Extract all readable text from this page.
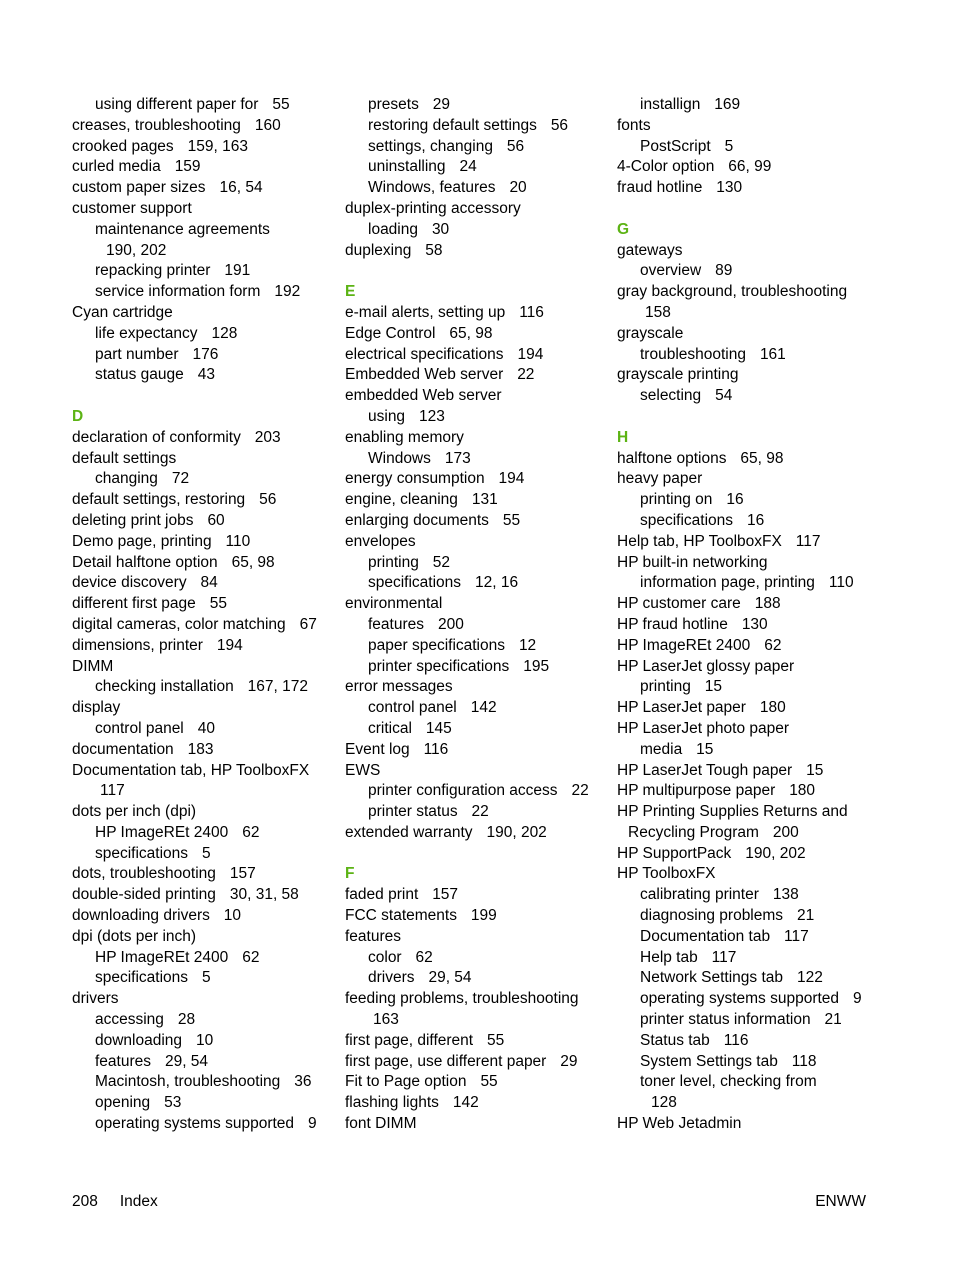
using different paper for 55
creases, troubleshooting 160
crooked pages 159, 163
curled media 159
custom paper sizes 16, 54
customer support
maintenance agreements
190, 202
repacking printer 191
service information form 192
Cyan cartridge
life expectancy 128
part number 176
status gauge 43
D
declaration of conformity 203
default settings
changing 72
default settings, restoring 56
deleting print jobs 60
Demo page, printing 110
Detail halftone option 65, 98
device discovery 84
different first page 55
digital cameras, color matching 67
dimensions, printer 194
DIMM
checking installation 167, 172
display
control panel 40
documentation 183
Documentation tab, HP ToolboxFX
117
dots per inch (dpi)
HP ImageREt 2400 62
specifications 5
dots, troubleshooting 157
double-sided printing 30, 31, 58
downloading drivers 10
dpi (dots per inch)
HP ImageREt 2400 62
specifications 5
drivers
accessing 28
downloading 10
features 29, 54
Macintosh, troubleshooting 36
opening 53
operating systems supported 9
presets 29
restoring default settings 56
settings, changing 56
uninstalling 24
Windows, features 20
duplex-printing accessory
loading 30
duplexing 58
E
e-mail alerts, setting up 116
Edge Control 65, 98
electrical specifications 194
Embedded Web server 22
embedded Web server
using 123
enabling memory
Windows 173
energy consumption 194
engine, cleaning 131
enlarging documents 55
envelopes
printing 52
specifications 12, 16
environmental
features 200
paper specifications 12
printer specifications 195
error messages
control panel 142
critical 145
Event log 116
EWS
printer configuration access 22
printer status 22
extended warranty 190, 202
F
faded print 157
FCC statements 199
features
color 62
drivers 29, 54
feeding problems, troubleshooting
163
first page, different 55
first page, use different paper 29
Fit to Page option 55
flashing lights 142
font DIMM
installign 169
fonts
PostScript 5
4-Color option 66, 99
fraud hotline 130
G
gateways
overview 89
gray background, troubleshooting
158
grayscale
troubleshooting 161
grayscale printing
selecting 54
H
halftone options 65, 98
heavy paper
printing on 16
specifications 16
Help tab, HP ToolboxFX 117
HP built-in networking
information page, printing 110
HP customer care 188
HP fraud hotline 130
HP ImageREt 2400 62
HP LaserJet glossy paper
printing 15
HP LaserJet paper 180
HP LaserJet photo paper
media 15
HP LaserJet Tough paper 15
HP multipurpose paper 180
HP Printing Supplies Returns and
Recycling Program 200
HP SupportPack 190, 202
HP ToolboxFX
calibrating printer 138
diagnosing problems 21
Documentation tab 117
Help tab 117
Network Settings tab 122
operating systems supported 9
printer status information 21
Status tab 116
System Settings tab 118
toner level, checking from
128
HP Web Jetadmin
208 Index	ENWW
